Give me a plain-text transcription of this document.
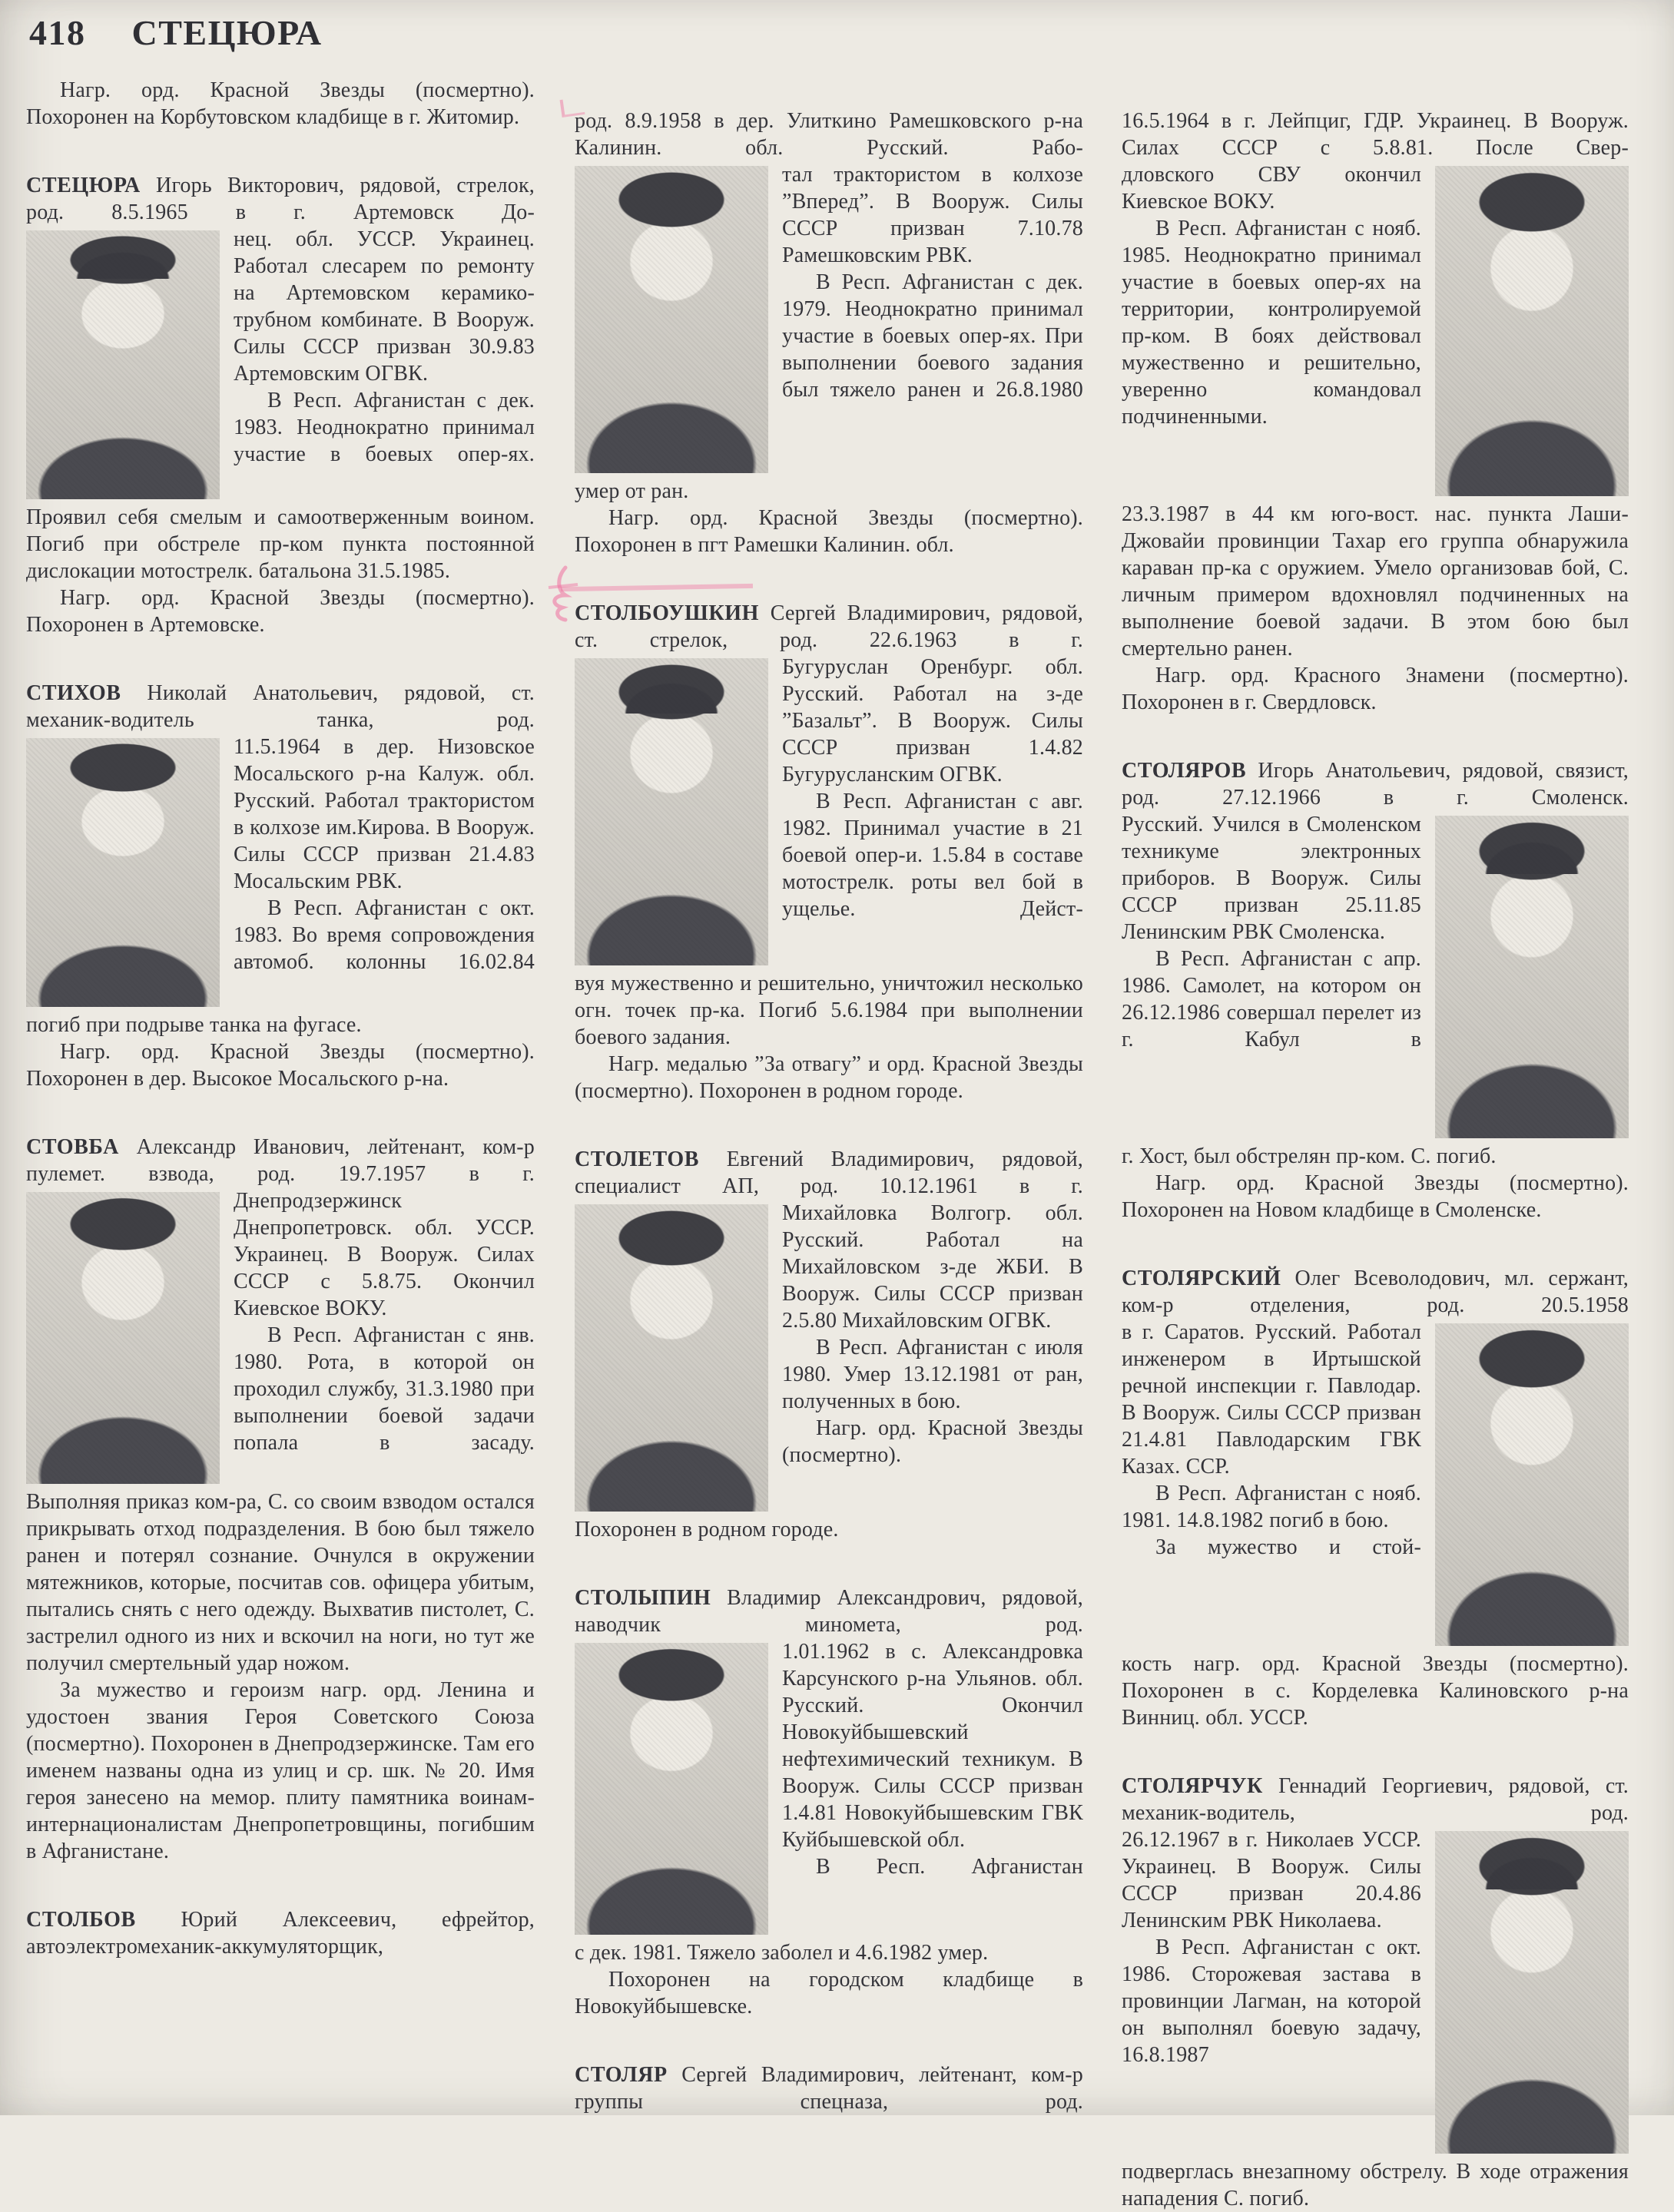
418 СТЕЦЮРА

Нагр. орд. Красной Звезды (посмертно). Похоронен на Корбутовском кладбище в г. Житомир.

СТЕЦЮРА Игорь Викторович, рядовой, стрелок, род. 8.5.1965 в г. Артемовск До-

нец. обл. УССР. Украинец. Работал слесарем по ремонту на Артемовском керамико-трубном комбинате. В Вооруж. Силы СССР призван 30.9.83 Артемовским ОГВК.

В Респ. Афганистан с дек. 1983. Неоднократно принимал участие в боевых опер-ях.

Проявил себя смелым и самоотверженным воином. Погиб при обстреле пр-ком пункта постоянной дислокации мотострелк. батальона 31.5.1985.

Нагр. орд. Красной Звезды (посмертно). Похоронен в Артемовске.

СТИХОВ Николай Анатольевич, рядовой, ст. механик-водитель танка, род.

11.5.1964 в дер. Низовское Мосальского р-на Калуж. обл. Русский. Работал трактористом в колхозе им.Кирова. В Вооруж. Силы СССР призван 21.4.83 Мосальским РВК.

В Респ. Афганистан с окт. 1983. Во время сопровождения автомоб. колонны 16.02.84

погиб при подрыве танка на фугасе.

Нагр. орд. Красной Звезды (посмертно). Похоронен в дер. Высокое Мосальского р-на.

СТОВБА Александр Иванович, лейтенант, ком-р пулемет. взвода, род. 19.7.1957 в г.

Днепродзержинск Днепропетровск. обл. УССР. Украинец. В Вооруж. Силах СССР с 5.8.75. Окончил Киевское ВОКУ.

В Респ. Афганистан с янв. 1980. Рота, в которой он проходил службу, 31.3.1980 при выполнении боевой задачи попала в засаду.

Выполняя приказ ком-ра, С. со своим взводом остался прикрывать отход подразделения. В бою был тяжело ранен и потерял сознание. Очнулся в окружении мятежников, которые, посчитав сов. офицера убитым, пытались снять с него одежду. Выхватив пистолет, С. застрелил одного из них и вскочил на ноги, но тут же получил смертельный удар ножом.

За мужество и героизм нагр. орд. Ленина и удостоен звания Героя Советского Союза (посмертно). Похоронен в Днепродзержинске. Там его именем названы одна из улиц и ср. шк. № 20. Имя героя занесено на мемор. плиту памятника воинам-интернационалистам Днепропетровщины, погибшим в Афганистане.

СТОЛБОВ Юрий Алексеевич, ефрейтор, автоэлектромеханик-аккумуляторщик,
род. 8.9.1958 в дер. Улиткино Рамешковского р-на Калинин. обл. Русский. Рабо-

тал трактористом в колхозе ”Вперед”. В Вооруж. Силы СССР призван 7.10.78 Рамешковским РВК.

В Респ. Афганистан с дек. 1979. Неоднократно принимал участие в боевых опер-ях. При выполнении боевого задания был тяжело ранен и 26.8.1980

умер от ран.

Нагр. орд. Красной Звезды (посмертно). Похоронен в пгт Рамешки Калинин. обл.

СТОЛБОУШКИН Сергей Владимирович, рядовой, ст. стрелок, род. 22.6.1963 в г.

Бугуруслан Оренбург. обл. Русский. Работал на з-де ”Базальт”. В Вооруж. Силы СССР призван 1.4.82 Бугурусланским ОГВК.

В Респ. Афганистан с авг. 1982. Принимал участие в 21 боевой опер-и. 1.5.84 в составе мотострелк. роты вел бой в ущелье. Дейст-

вуя мужественно и решительно, уничтожил несколько огн. точек пр-ка. Погиб 5.6.1984 при выполнении боевого задания.

Нагр. медалью ”За отвагу” и орд. Красной Звезды (посмертно). Похоронен в родном городе.

СТОЛЕТОВ Евгений Владимирович, рядовой, специалист АП, род. 10.12.1961 в г.

Михайловка Волгогр. обл. Русский. Работал на Михайловском з-де ЖБИ. В Вооруж. Силы СССР призван 2.5.80 Михайловским ОГВК.

В Респ. Афганистан с июля 1980. Умер 13.12.1981 от ран, полученных в бою.

Нагр. орд. Красной Звезды (посмертно).

Похоронен в родном городе.
СТОЛЫПИН Владимир Александрович, рядовой, наводчик миномета, род.

1.01.1962 в с. Александровка Карсунского р-на Ульянов. обл. Русский. Окончил Новокуйбышевский нефтехимический техникум. В Вооруж. Силы СССР призван 1.4.81 Новокуйбышевским ГВК Куйбышевской обл.

В Респ. Афганистан

с дек. 1981. Тяжело заболел и 4.6.1982 умер.

Похоронен на городском кладбище в Новокуйбышевске.

СТОЛЯР Сергей Владимирович, лейтенант, ком-р группы спецназа, род.
16.5.1964 в г. Лейпциг, ГДР. Украинец. В Вооруж. Силах СССР с 5.8.81. После Свер-

дловского СВУ окончил Киевское ВОКУ.

В Респ. Афганистан с нояб. 1985. Неоднократно принимал участие в боевых опер-ях на территории, контролируемой пр-ком. В боях действовал мужественно и решительно, уверенно командовал подчиненными.

23.3.1987 в 44 км юго-вост. нас. пункта Лаши-Джовайи провинции Тахар его группа обнаружила караван пр-ка с оружием. Умело организовав бой, С. личным примером вдохновлял подчиненных на выполнение боевой задачи. В этом бою был смертельно ранен.

Нагр. орд. Красного Знамени (посмертно). Похоронен в г. Свердловск.

СТОЛЯРОВ Игорь Анатольевич, рядовой, связист, род. 27.12.1966 в г. Смоленск.

Русский. Учился в Смоленском техникуме электронных приборов. В Вооруж. Силы СССР призван 25.11.85 Ленинским РВК Смоленска.

В Респ. Афганистан с апр. 1986. Самолет, на котором он 26.12.1986 совершал перелет из г. Кабул в

г. Хост, был обстрелян пр-ком. С. погиб.

Нагр. орд. Красной Звезды (посмертно). Похоронен на Новом кладбище в Смоленске.

СТОЛЯРСКИЙ Олег Всеволодович, мл. сержант, ком-р отделения, род. 20.5.1958

в г. Саратов. Русский. Работал инженером в Иртышской речной инспекции г. Павлодар. В Вооруж. Силы СССР призван 21.4.81 Павлодарским ГВК Казах. ССР.

В Респ. Афганистан с нояб. 1981. 14.8.1982 погиб в бою.

За мужество и стой-

кость нагр. орд. Красной Звезды (посмертно). Похоронен в с. Корделевка Калиновского р-на Винниц. обл. УССР.
СТОЛЯРЧУК Геннадий Георгиевич, рядовой, ст. механик-водитель, род.

26.12.1967 в г. Николаев УССР. Украинец. В Вооруж. Силы СССР призван 20.4.86 Ленинским РВК Николаева.

В Респ. Афганистан с окт. 1986. Сторожевая застава в провинции Лагман, на которой он выполнял боевую задачу, 16.8.1987

подверглась внезапному обстрелу. В ходе отражения нападения С. погиб.
